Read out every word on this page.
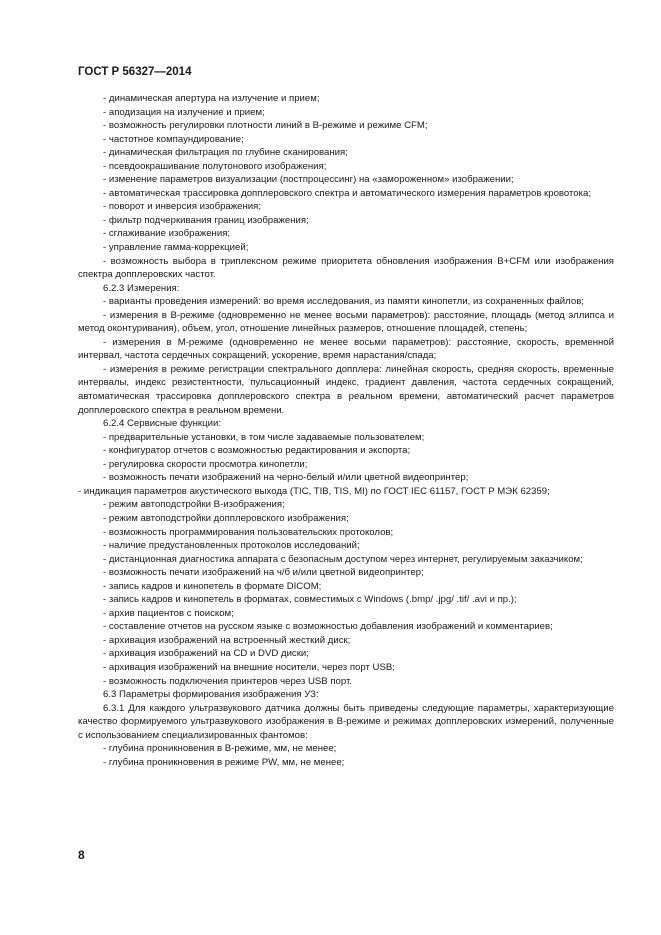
ГОСТ Р 56327—2014

- динамическая апертура на излучение и прием;

- аподизация на излучение и прием;

- возможность регулировки плотности линий в В-режиме и режиме CFM;

- частотное компаундирование;

- динамическая фильтрация по глубине сканирования;

- псевдоокрашивание полутонового изображения;

- изменение параметров визуализации (постпроцессинг) на «замороженном» изображении;

- автоматическая трассировка допплеровского спектра и автоматического измерения параметров кровотока;

- поворот и инверсия изображения;

- фильтр подчеркивания границ изображения;

- сглаживание изображения;

- управление гамма-коррекцией;

- возможность выбора в триплексном режиме приоритета обновления изображения В+CFM или изображения спектра допплеровских частот.

6.2.3 Измерения:

- варианты проведения измерений: во время исследования, из памяти кинопетли, из сохраненных файлов;

- измерения в В-режиме (одновременно не менее восьми параметров): расстояние, площадь (метод эллипса и метод оконтуривания), объем, угол, отношение линейных размеров, отношение площадей, степень;

- измерения в М-режиме (одновременно не менее восьми параметров): расстояние, скорость, временной интервал, частота сердечных сокращений, ускорение, время нарастания/спада;

- измерения в режиме регистрации спектрального допплера: линейная скорость, средняя скорость, временные интервалы, индекс резистентности, пульсационный индекс, градиент давления, частота сердечных сокращений, автоматическая трассировка допплеровского спектра в реальном времени, автоматический расчет параметров допплеровского спектра в реальном времени.

6.2.4 Сервисные функции:

- предварительные установки, в том числе задаваемые пользователем;

- конфигуратор отчетов с возможностью редактирования и экспорта;

- регулировка скорости просмотра кинопетли;

- возможность печати изображений на черно-белый и/или цветной видеопринтер;

- индикация параметров акустического выхода (TIC, TIB, TIS, MI) по ГОСТ IEC 61157, ГОСТ Р МЭК 62359;

- режим автоподстройки В-изображения;

- режим автоподстройки допплеровского изображения;

- возможность программирования пользовательских протоколов;

- наличие предустановленных протоколов исследований;

- дистанционная диагностика аппарата с безопасным доступом через интернет, регулируемым заказчиком;

- возможность печати изображений на ч/б и/или цветной видеопринтер;

- запись кадров и кинопетель в формате DICOM;

- запись кадров и кинопетель в форматах, совместимых с Windows (.bmp/ .jpg/ .tif/ .avi и пр.);

- архив пациентов с поиском;

- составление отчетов на русском языке с возможностью добавления изображений и комментариев;

- архивация изображений на встроенный жесткий диск;

- архивация изображений на CD и DVD диски;

- архивация изображений на внешние носители, через порт USB;

- возможность подключения принтеров через USB порт.

6.3 Параметры формирования изображения УЗ:

6.3.1 Для каждого ультразвукового датчика должны быть приведены следующие параметры, характеризующие качество формируемого ультразвукового изображения в В-режиме и режимах допплеровских измерений, полученные с использованием специализированных фантомов:

- глубина проникновения в В-режиме, мм, не менее;

- глубина проникновения в режиме PW, мм, не менее;

8
